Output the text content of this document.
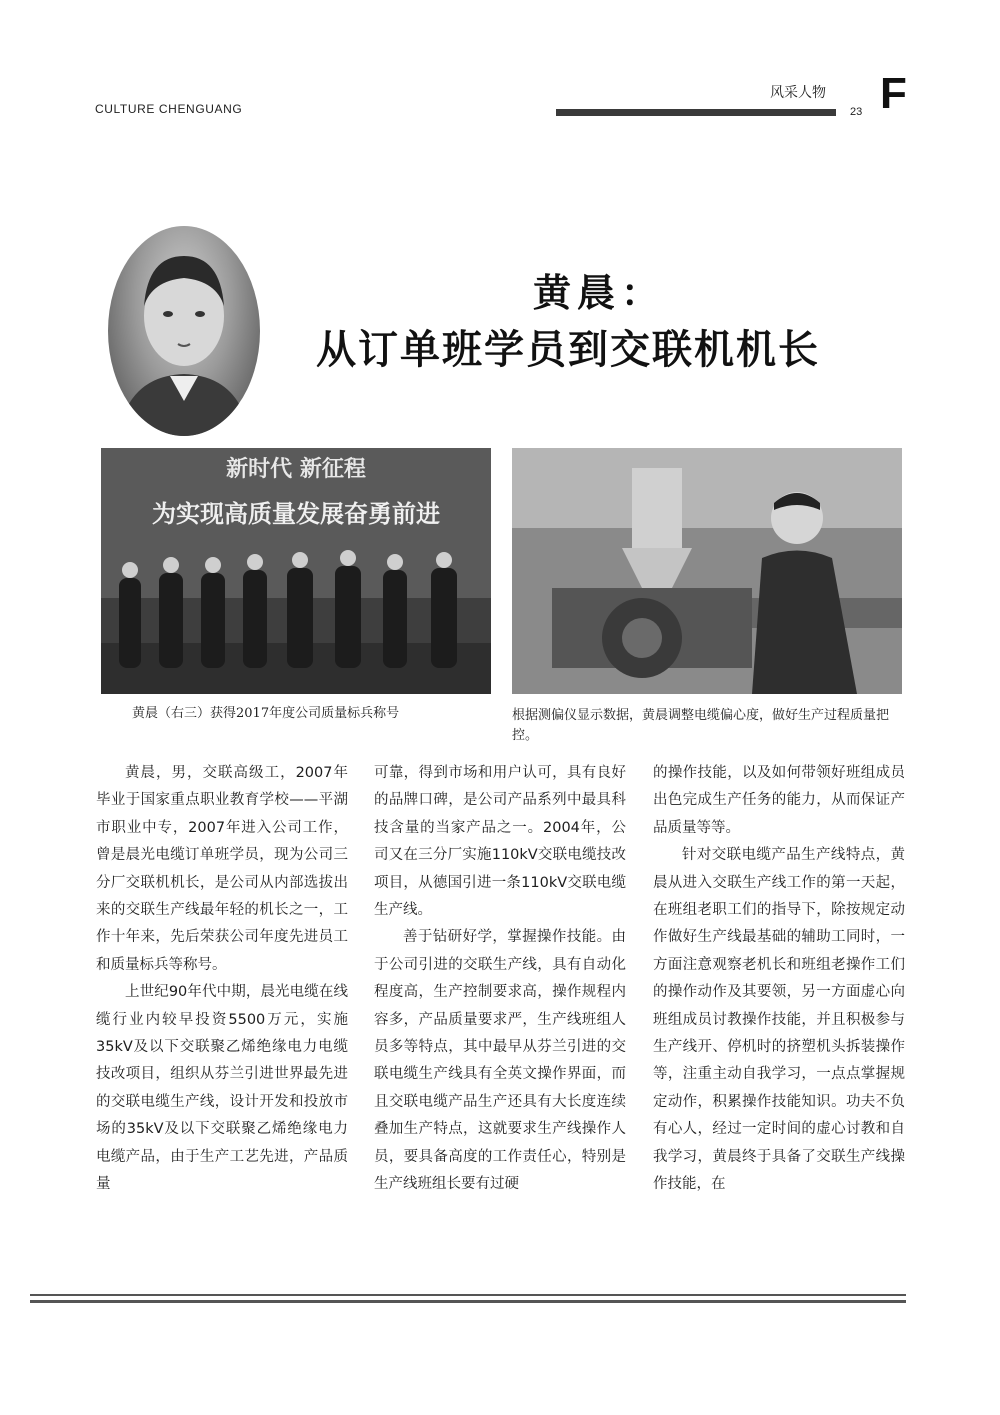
CULTURE CHENGUANG
风采人物
23 F
黄晨：
从订单班学员到交联机机长
新时代 新征程
为实现高质量发展奋勇前进
黄晨（右三）获得2017年度公司质量标兵称号	根据测偏仪显示数据，黄晨调整电缆偏心度，做好生产过程质量把控。

黄晨，男，交联高级工，2007年毕业于国家重点职业教育学校——平湖市职业中专，2007年进入公司工作，曾是晨光电缆订单班学员，现为公司三分厂交联机机长，是公司从内部选拔出来的交联生产线最年轻的机长之一，工作十年来，先后荣获公司年度先进员工和质量标兵等称号。

上世纪90年代中期，晨光电缆在线缆行业内较早投资5500万元，实施35kV及以下交联聚乙烯绝缘电力电缆技改项目，组织从芬兰引进世界最先进的交联电缆生产线，设计开发和投放市场的35kV及以下交联聚乙烯绝缘电力电缆产品，由于生产工艺先进，产品质量

可靠，得到市场和用户认可，具有良好的品牌口碑，是公司产品系列中最具科技含量的当家产品之一。2004年，公司又在三分厂实施110kV交联电缆技改项目，从德国引进一条110kV交联电缆生产线。

善于钻研好学，掌握操作技能。由于公司引进的交联生产线，具有自动化程度高，生产控制要求高，操作规程内容多，产品质量要求严，生产线班组人员多等特点，其中最早从芬兰引进的交联电缆生产线具有全英文操作界面，而且交联电缆产品生产还具有大长度连续叠加生产特点，这就要求生产线操作人员，要具备高度的工作责任心，特别是生产线班组长要有过硬

的操作技能，以及如何带领好班组成员出色完成生产任务的能力，从而保证产品质量等等。

针对交联电缆产品生产线特点，黄晨从进入交联生产线工作的第一天起，在班组老职工们的指导下，除按规定动作做好生产线最基础的辅助工同时，一方面注意观察老机长和班组老操作工们的操作动作及其要领，另一方面虚心向班组成员讨教操作技能，并且积极参与生产线开、停机时的挤塑机头拆装操作等，注重主动自我学习，一点点掌握规定动作，积累操作技能知识。功夫不负有心人，经过一定时间的虚心讨教和自我学习，黄晨终于具备了交联生产线操作技能，在
